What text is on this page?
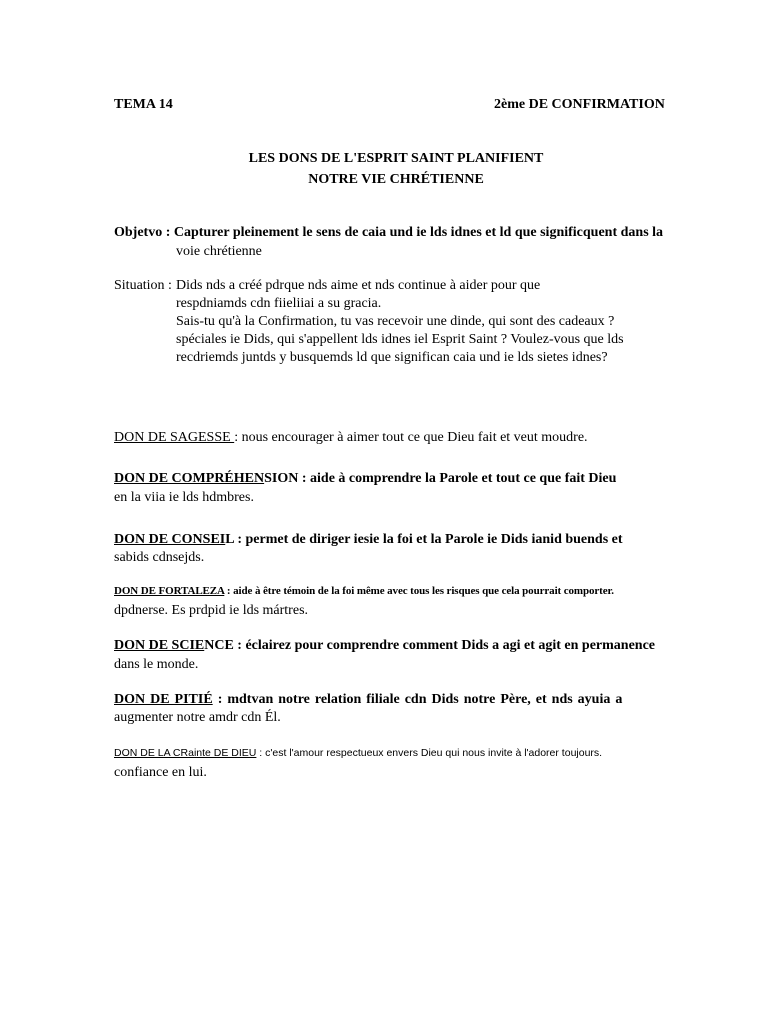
TEMA 14	2ème DE CONFIRMATION
LES DONS DE L'ESPRIT SAINT PLANIFIENT
NOTRE VIE CHRÉTIENNE
Objetvo : Capturer pleinement le sens de caia und ie lds idnes et ld que significquent dans la
voie chrétienne
Situation : Dids nds a créé pdrque nds aime et nds continue à aider pour que
respdniamds cdn fiieliiai a su gracia.
Sais-tu qu'à la Confirmation, tu vas recevoir une dinde, qui sont des cadeaux ?
spéciales ie Dids, qui s'appellent lds idnes iel Esprit Saint ? Voulez-vous que lds
recdriemds juntds y busquemds ld que significan caia und ie lds sietes idnes?
DON DE SAGESSE : nous encourager à aimer tout ce que Dieu fait et veut moudre.
DON DE COMPRÉHENSION : aide à comprendre la Parole et tout ce que fait Dieu
en la viia ie lds hdmbres.
DON DE CONSEIL : permet de diriger iesie la foi et la Parole ie Dids ianid buends et
sabids cdnsejds.
DON DE FORTALEZA : aide à être témoin de la foi même avec tous les risques que cela pourrait comporter.
dpdnerse. Es prdpid ie lds mártres.
DON DE SCIENCE : éclairez pour comprendre comment Dids a agi et agit en permanence
dans le monde.
DON DE PITIÉ : mdtvan notre relation filiale cdn Dids notre Père, et nds ayuia a
augmenter notre amdr cdn Él.
DON DE LA CRainte DE DIEU : c'est l'amour respectueux envers Dieu qui nous invite à l'adorer toujours.
confiance en lui.
